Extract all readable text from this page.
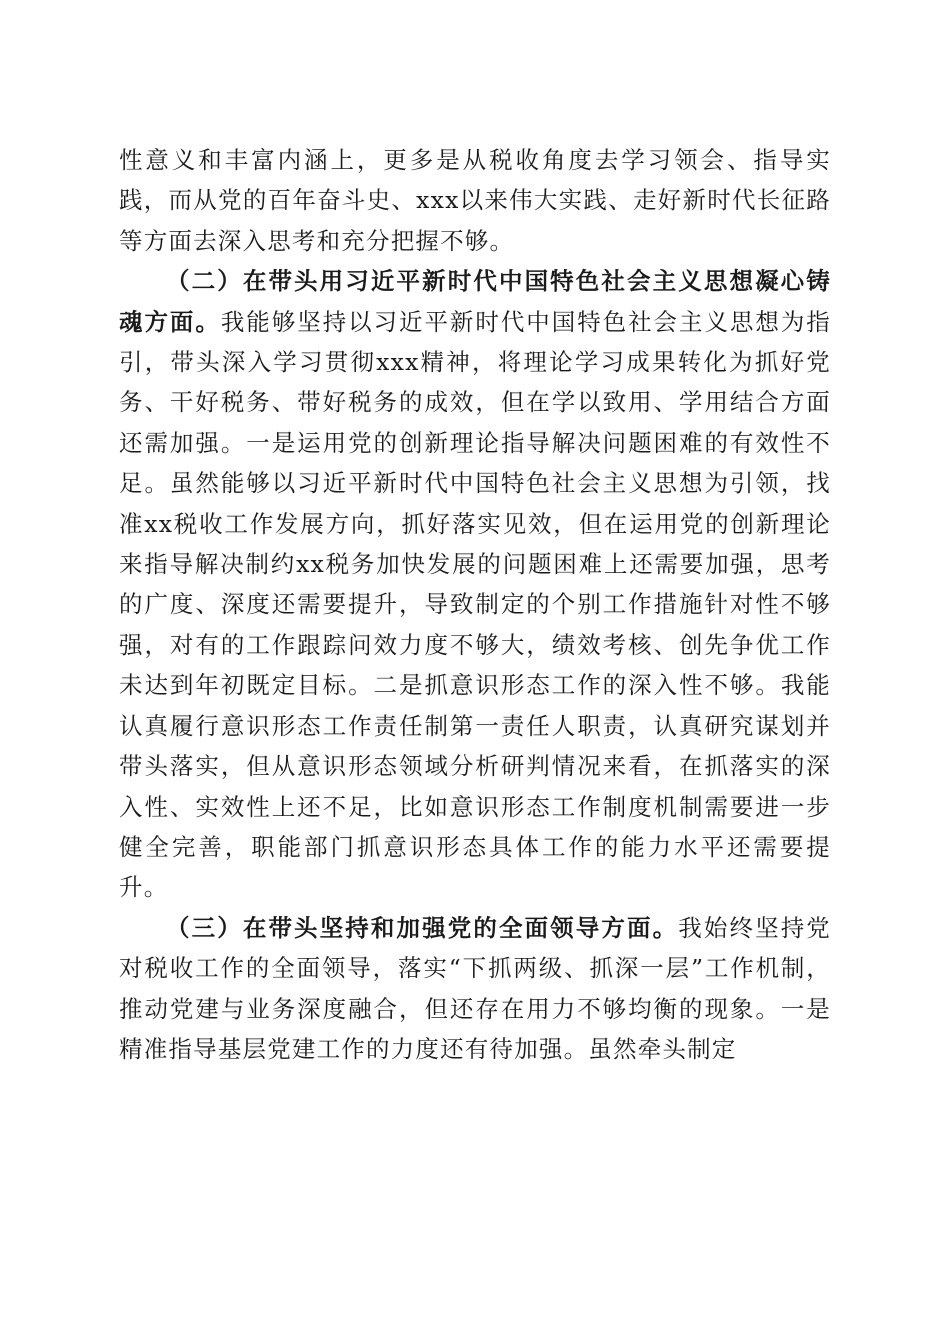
性意义和丰富内涵上，更多是从税收角度去学习领会、指导实践，而从党的百年奋斗史、xxx以来伟大实践、走好新时代长征路等方面去深入思考和充分把握不够。

（二）在带头用习近平新时代中国特色社会主义思想凝心铸魂方面。我能够坚持以习近平新时代中国特色社会主义思想为指引，带头深入学习贯彻xxx精神，将理论学习成果转化为抓好党务、干好税务、带好税务的成效，但在学以致用、学用结合方面还需加强。一是运用党的创新理论指导解决问题困难的有效性不足。虽然能够以习近平新时代中国特色社会主义思想为引领，找准xx税收工作发展方向，抓好落实见效，但在运用党的创新理论来指导解决制约xx税务加快发展的问题困难上还需要加强，思考的广度、深度还需要提升，导致制定的个别工作措施针对性不够强，对有的工作跟踪问效力度不够大，绩效考核、创先争优工作未达到年初既定目标。二是抓意识形态工作的深入性不够。我能认真履行意识形态工作责任制第一责任人职责，认真研究谋划并带头落实，但从意识形态领域分析研判情况来看，在抓落实的深入性、实效性上还不足，比如意识形态工作制度机制需要进一步健全完善，职能部门抓意识形态具体工作的能力水平还需要提升。

（三）在带头坚持和加强党的全面领导方面。我始终坚持党对税收工作的全面领导，落实“下抓两级、抓深一层”工作机制，推动党建与业务深度融合，但还存在用力不够均衡的现象。一是精准指导基层党建工作的力度还有待加强。虽然牵头制定
